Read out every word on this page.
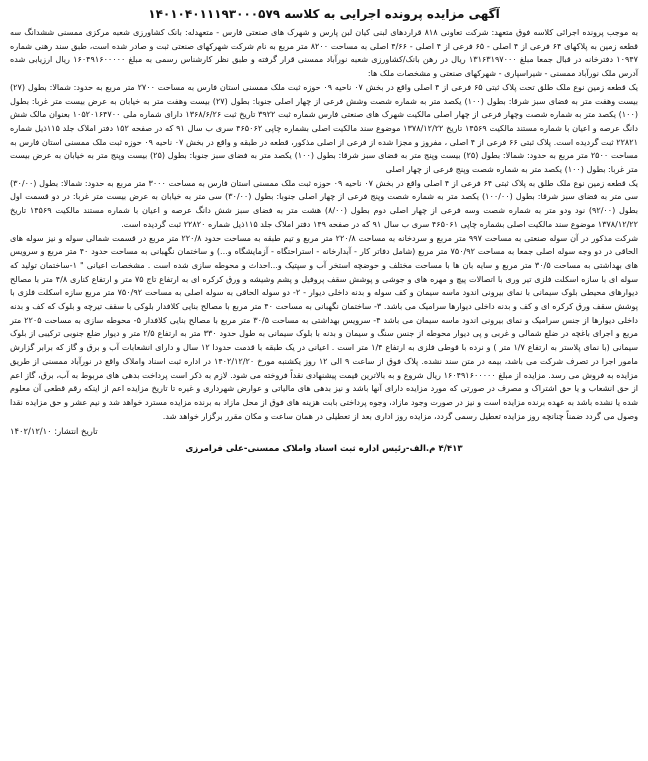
آگهی مزایده پرونده اجرایی به کلاسه ۱۴۰۱۰۴۰۱۱۱۹۳۰۰۰۵۷۹

به موجب پرونده اجرائی کلاسه فوق متعهد: شرکت تعاونی ۸۱۸ قراردهای لبنی کیان لبن پارس و شهرک های صنعتی فارس - متعهدله: بانک کشاورزی شعبه مرکزی ممسنی ششدانگ سه قطعه زمین به پلاکهای ۶۴ فرعی از ۴ اصلی - ۶۵ فرعی از ۴ اصلی - ۴/۶۶ اصلی به مساحت ۸۲۰۰ متر مربع به نام شرکت شهرکهای صنعتی ثبت و صادر شده است، طبق سند رهنی شماره ۱۰۹۴۷ دفترخانه در قبال جمعا مبلغ ۱۳۱۶۳۱۹۷۰۰۰ ریال در رهن بانک/کشاورزی شعبه نورآباد ممسنی قرار گرفته و طبق نظر کارشناس رسمی به مبلغ ۱۶۰۴۹۱۶۰۰۰۰۰ ریال ارزیابی شده آدرس ملک نورآباد ممسنی - شیراسپاری - شهرکهای صنعتی و مشخصات ملک ها:

یک قطعه زمین نوع ملک طلق تحت پلاک ثبتی ۶۵ فرعی از ۴ اصلی واقع در بخش ۰۷ ناحیه ۰۹ حوزه ثبت ملک ممسنی استان فارس به مساحت ۲۷۰۰ متر مربع به حدود: شمالا: بطول (۲۷) بیست وهفت متر به فضای سبز شرقا: بطول (۱۰۰) یکصد متر به شماره شصت وشش فرعی از چهار اصلی جنوبا: بطول (۲۷) بیست وهفت متر به خیابان به عرض بیست متر غربا: بطول (۱۰۰) یکصد متر به شماره شصت وچهار فرعی از چهار اصلی مالکیت شهرک های صنعتی فارس شماره ثبت ۳۹۲۲ تاریخ ثبت ۱۳۶۸/۶/۲۶ دارای شماره ملی ۱۰۵۲۰۱۶۴۷۰۰ بعنوان مالک شش دانگ عرصه و اعیان با شماره مستند مالکیت ۱۴۵۶۹ تاریخ ۱۳۷۸/۱۲/۲۲ موضوع سند مالکیت اصلی بشماره چاپی ۴۶۵۰۶۲ سری ب سال ۹۱ که در صفحه ۱۵۲ دفتر املاک جلد ۱۱۵ذیل شماره ۲۲۸۲۱ ثبت گردیده است. پلاک ثبتی ۶۶ فرعی از ۴ اصلی ، مفروز و مجزا شده از فرعی از اصلی مذکور، قطعه در طبقه و واقع در بخش ۰۷ ناحیه ۰۹ حوزه ثبت ملک ممسنی استان فارس به مساحت ۲۵۰۰ متر مربع به حدود: شمالا: بطول (۲۵) بیست وپنج متر به فضای سبز شرقا: بطول (۱۰۰) یکصد متر به فضای سبز جنوبا: بطول (۲۵) بیست وپنج متر به خیابان به عرض بیست متر غربا: بطول (۱۰۰) یکصد متر به شماره شصت وپنج فرعی از چهار اصلی

یک قطعه زمین نوع ملک طلق به پلاک ثبتی ۶۴ فرعی از ۴ اصلی واقع در بخش ۰۷ ناحیه ۰۹ حوزه ثبت ملک ممسنی استان فارس به مساحت ۳۰۰۰ متر مربع به حدود: شمالا: بطول (۳۰/۰۰) سی متر به فضای سبز شرقا: بطول (۱۰۰/۰۰) یکصد متر به شماره شصت وپنج فرعی از چهار اصلی جنوبا: بطول (۳۰/۰۰) سی متر به خیابان به عرض بیست متر غربا: در دو قسمت اول بطول (۹۲/۰۰) نود ودو متر به شماره شصت وسه فرعی از چهار اصلی دوم بطول (۸/۰۰) هشت متر به فضای سبز شش دانگ عرصه و اعیان با شماره مستند مالکیت ۱۴۵۶۹ تاریخ ۱۳۷۸/۱۲/۲۲ موضوع سند مالکیت اصلی بشماره چاپی ۴۶۵۰۶۱ سری ب سال ۹۱ که در صفحه ۱۴۹ دفتر املاک جلد ۱۱۵ذیل شماره ۲۲۸۲۰ ثبت گردیده است.

شرکت مذکور در آن سوله صنعتی به مساحت ۹۹۷ متر مربع و سردخانه به مساحت ۲۲۰/۸ متر مربع و تیم طبقه به مساحت حدود ۲۲۰/۸ متر مربع در قسمت شمالی سوله و نیز سوله های الحاقی در دو وجه سوله اصلی جمعا به مساحت ۷۵۰/۹۲ متر مربع (شامل دفاتر کار - آبدارخانه - استراحتگاه - آزمایشگاه و...) و ساختمان نگهبانی به مساحت حدود ۴۰ متر مربع و سرویس های بهداشتی به مساحت ۳۰/۵ متر مربع و سایه بان ها با مساحت مختلف و حوضچه استخر آب و سپتیک و...احداث و محوطه سازی شده است . مشخصات اعیانی " ۱-ساختمان تولید که سوله ای با سازه اسکلت فلزی تیر وری با اتصالات پیچ و مهره های و جوشی و پوشش سقف پروفیل و پشم وشیشه و ورق کرکره ای به ارتفاع تاج ۷۵ متر و ارتفاع کناری ۴/۸ متر با مصالح دیوارهای محیطی بلوک سیمانی با نمای بیرونی اندود ماسه سیمان و کف سوله و بدنه داخلی دیوار - ۲- دو سوله الحاقی به سوله اصلی به مساحت ۷۵۰/۹۲ متر مربع سازه اسکلت فلزی با پوشش سقف ورق کرکره ای و کف و بدنه داخلی دیوارها سرامیک می باشد. ۳- ساختمان نگهبانی به مساحت ۴۰ متر مربع با مصالح بنایی کلافدار بلوکی با سقف تیرچه و بلوک که کف و بدنه داخلی دیوارها از جنس سرامیک و نمای بیرونی اندود ماسه سیمان می باشد ۴- سرویس بهداشتی به مساحت ۳۰/۵ متر مربع با مصالح بنایی کلافدار ۵- محوطه سازی به مساحت ۲۲۰۵ متر مربع و اجرای باغچه در ضلع شمالی و غربی و پی دیوار محوطه از جنس سنگ و سیمان و بدنه با بلوک سیمانی به طول حدود ۳۳۰ متر به ارتفاع ۲/۵ متر و دیوار ضلع جنوبی ترکیبی از بلوک سیمانی (با نمای پلاستر به ارتفاع ۱/۷ متر ) و نرده با قوطی فلزی به ارتفاع ۱/۴ متر است . اعیانی در یک طبقه با قدمت حدودا ۱۲ سال و دارای انشعابات آب و برق و گاز که برابر گزارش مامور اجرا در تصرف شرکت می باشد، بیمه در متن سند نشده. پلاک فوق از ساعت ۹ الی ۱۲ روز یکشنبه مورخ ۱۴۰۲/۱۲/۲۰ در اداره ثبت اسناد واملاک واقع در نورآباد ممسنی از طریق مزایده به فروش می رسد. مزایده از مبلغ ۱۶۰۴۹۱۶۰۰۰۰۰ ریال شروع و به بالاترین قیمت پیشنهادی نقداً فروخته می شود. لازم به ذکر است پرداخت بدهی های مربوط به آب، برق، گاز اعم از حق انشعاب و یا حق اشتراک و مصرف در صورتی که مورد مزایده دارای آنها باشد و نیز بدهی های مالیاتی و عوارض شهرداری و غیره تا تاریخ مزایده اعم از اینکه رقم قطعی آن معلوم شده یا نشده باشد به عهده برنده مزایده است و نیز در صورت وجود مازاد، وجوه پرداختی بابت هزینه های فوق از محل مازاد به برنده مزایده مسترد خواهد شد و نیم عشر و حق مزایده نقدا وصول می گردد ضمناً چنانچه روز مزایده تعطیل رسمی گردد، مزایده روز اداری بعد از تعطیلی در همان ساعت و مکان مقرر برگزار خواهد شد.

تاریخ انتشار: ۱۴۰۲/۱۲/۱۰
۴/۴۱۳ م.الف-رئیس اداره ثبت اسناد واملاک ممسنی-علی فرامرزی
